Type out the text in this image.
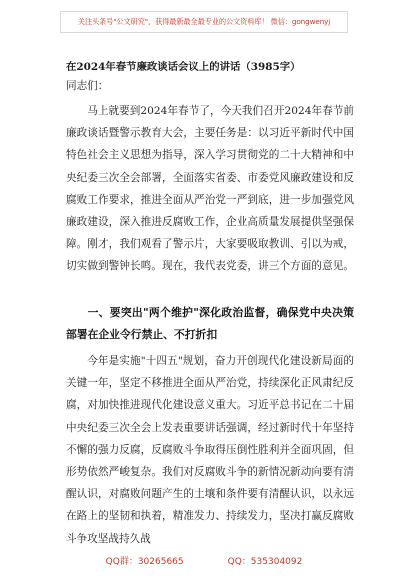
关注头条号"公文研究"，获得最新最全最专业的公文资料库！ 微信：gongwenyj
在2024年春节廉政谈话会议上的讲话（3985字）
同志们：
马上就要到2024年春节了，今天我们召开2024年春节前廉政谈话暨警示教育大会，主要任务是：以习近平新时代中国特色社会主义思想为指导，深入学习贯彻党的二十大精神和中央纪委三次全会部署，全面落实省委、市委党风廉政建设和反腐败工作要求，推进全面从严治党一严到底，进一步加强党风廉政建设，深入推进反腐败工作，企业高质量发展提供坚强保障。刚才，我们观看了警示片，大家要吸取教训、引以为戒，切实做到警钟长鸣。现在，我代表党委，讲三个方面的意见。
一、要突出"两个维护"深化政治监督，确保党中央决策部署在企业令行禁止、不打折扣
今年是实施"十四五"规划，奋力开创现代化建设新局面的关键一年，坚定不移推进全面从严治党，持续深化正风肃纪反腐，对加快推进现代化建设意义重大。习近平总书记在二十届中央纪委三次全会上发表重要讲话强调，经过新时代十年坚持不懈的强力反腐，反腐败斗争取得压倒性胜利并全面巩固，但形势依然严峻复杂。我们对反腐败斗争的新情况新动向要有清醒认识，对腐败问题产生的土壤和条件要有清醒认识，以永远在路上的坚韧和执着，精准发力、持续发力，坚决打赢反腐败斗争攻坚战持久战
QQ群：30265665	QQ：535304092
